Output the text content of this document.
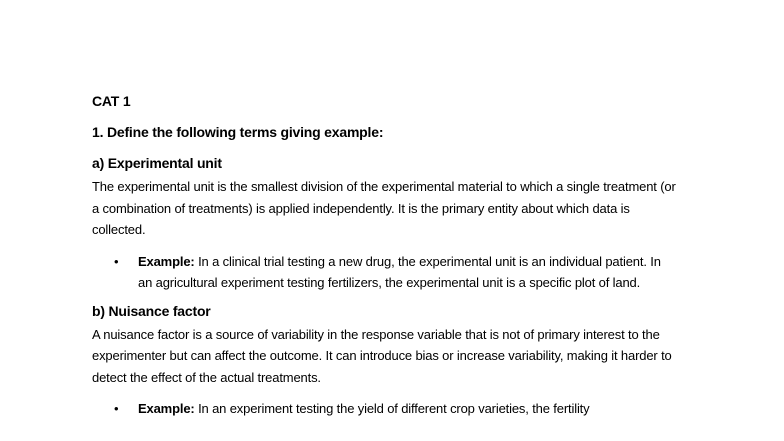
CAT 1
1. Define the following terms giving example:

a) Experimental unit

The experimental unit is the smallest division of the experimental material to which a single treatment (or a combination of treatments) is applied independently. It is the primary entity about which data is collected.

• Example: In a clinical trial testing a new drug, the experimental unit is an individual patient. In an agricultural experiment testing fertilizers, the experimental unit is a specific plot of land.

b) Nuisance factor

A nuisance factor is a source of variability in the response variable that is not of primary interest to the experimenter but can affect the outcome. It can introduce bias or increase variability, making it harder to detect the effect of the actual treatments.

• Example: In an experiment testing the yield of different crop varieties, the fertility
